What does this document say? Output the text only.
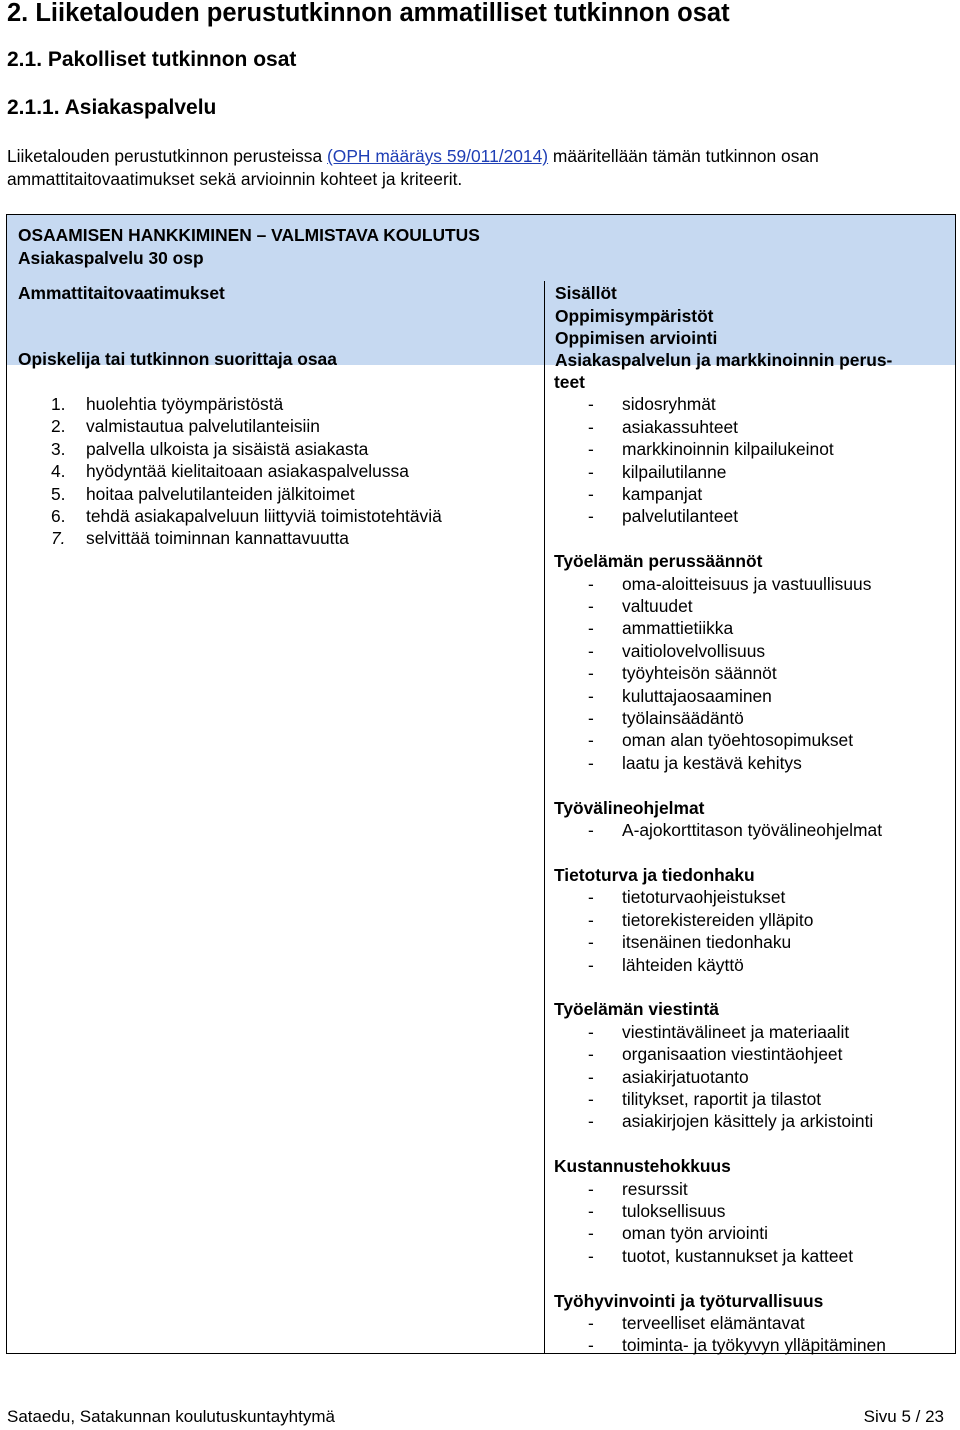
2. Liiketalouden perustutkinnon ammatilliset tutkinnon osat
2.1. Pakolliset tutkinnon osat
2.1.1. Asiakaspalvelu
Liiketalouden perustutkinnon perusteissa (OPH määräys 59/011/2014) määritellään tämän tutkinnon osan ammattitaitovaatimukset sekä arvioinnin kohteet ja kriteerit.
OSAAMISEN HANKKIMINEN – VALMISTAVA KOULUTUS
Asiakaspalvelu 30 osp
Ammattitaitovaatimukset
Opiskelija tai tutkinnon suorittaja osaa
Sisällöt
Oppimisympäristöt
Oppimisen arviointi
Asiakaspalvelun ja markkinoinnin perus-
1.	huolehtia työympäristöstä
2.	valmistautua palvelutilanteisiin
3.	palvella ulkoista ja sisäistä asiakasta
4.	hyödyntää kielitaitoaan asiakaspalvelussa
5.	hoitaa palvelutilanteiden jälkitoimet
6.	tehdä asiakapalveluun liittyviä toimistotehtäviä
7.	selvittää toiminnan kannattavuutta
teet
- sidosryhmät
- asiakassuhteet
- markkinoinnin kilpailukeinot
- kilpailutilanne
- kampanjat
- palvelutilanteet
Työelämän perussäännöt
- oma-aloitteisuus ja vastuullisuus
- valtuudet
- ammattietiikka
- vaitiolovelvollisuus
- työyhteisön säännöt
- kuluttajaosaaminen
- työlainsäädäntö
- oman alan työehtosopimukset
- laatu ja kestävä kehitys
Työvälineohjelmat
- A-ajokorttitason työvälineohjelmat
Tietoturva ja tiedonhaku
- tietoturvaohjeistukset
- tietorekistereiden ylläpito
- itsenäinen tiedonhaku
- lähteiden käyttö
Työelämän viestintä
- viestintävälineet ja materiaalit
- organisaation viestintäohjeet
- asiakirjatuotanto
- tilitykset, raportit ja tilastot
- asiakirjojen käsittely ja arkistointi
Kustannustehokkuus
- resurssit
- tuloksellisuus
- oman työn arviointi
- tuotot, kustannukset ja katteet
Työhyvinvointi ja työturvallisuus
- terveelliset elämäntavat
- toiminta- ja työkyvyn ylläpitäminen
Sataedu, Satakunnan koulutuskuntayhtymä	Sivu 5 / 23
